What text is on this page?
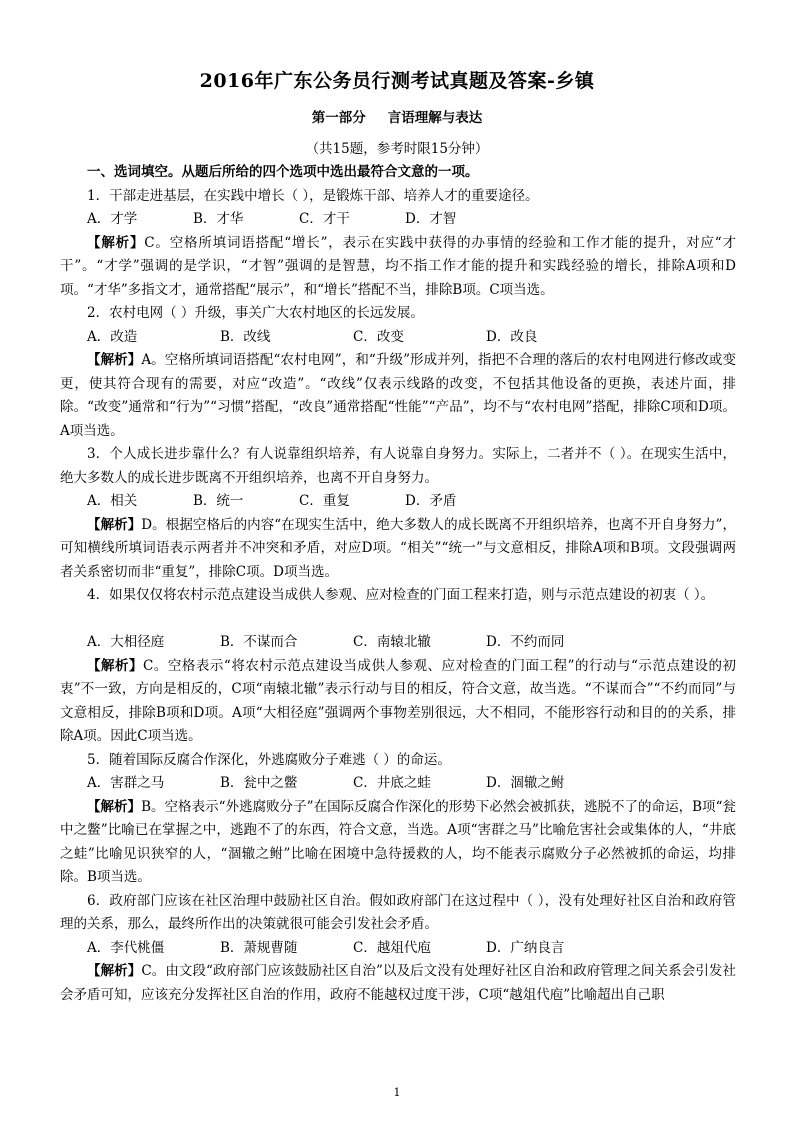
2016年广东公务员行测考试真题及答案-乡镇
第一部分 言语理解与表达
（共15题，参考时限15分钟）

一、选词填空。从题后所给的四个选项中选出最符合文意的一项。

1．干部走进基层，在实践中增长（ ），是锻炼干部、培养人才的重要途径。

A．才学	B．才华	C．才干	D．才智

【解析】C。空格所填词语搭配“增长”，表示在实践中获得的办事情的经验和工作才能的提升，对应“才干”。“才学”强调的是学识，“才智”强调的是智慧，均不指工作才能的提升和实践经验的增长，排除A项和D项。“才华”多指文才，通常搭配“展示”，和“增长”搭配不当，排除B项。C项当选。

2．农村电网（ ）升级，事关广大农村地区的长远发展。

A．改造	B．改线	C．改变	D．改良

【解析】A。空格所填词语搭配“农村电网”，和“升级”形成并列，指把不合理的落后的农村电网进行修改或变更，使其符合现有的需要，对应“改造”。“改线”仅表示线路的改变，不包括其他设备的更换，表述片面，排除。“改变”通常和“行为”“习惯”搭配，“改良”通常搭配“性能”“产品”，均不与“农村电网”搭配，排除C项和D项。A项当选。

3．个人成长进步靠什么？有人说靠组织培养，有人说靠自身努力。实际上，二者并不（ ）。在现实生活中，绝大多数人的成长进步既离不开组织培养，也离不开自身努力。

A．相关	B．统一	C．重复	D．矛盾

【解析】D。根据空格后的内容“在现实生活中，绝大多数人的成长既离不开组织培养，也离不开自身努力”，可知横线所填词语表示两者并不冲突和矛盾，对应D项。“相关”“统一”与文意相反，排除A项和B项。文段强调两者关系密切而非“重复”，排除C项。D项当选。

4．如果仅仅将农村示范点建设当成供人参观、应对检查的门面工程来打造，则与示范点建设的初衷（ ）。

A．大相径庭	B．不谋而合	C．南辕北辙	D．不约而同

【解析】C。空格表示“将农村示范点建设当成供人参观、应对检查的门面工程”的行动与“示范点建设的初衷”不一致，方向是相反的，C项“南辕北辙”表示行动与目的相反，符合文意，故当选。“不谋而合”“不约而同”与文意相反，排除B项和D项。A项“大相径庭”强调两个事物差别很远，大不相同，不能形容行动和目的的关系，排除A项。因此C项当选。

5．随着国际反腐合作深化，外逃腐败分子难逃（ ）的命运。

A．害群之马	B．瓮中之鳖	C．井底之蛙	D．涸辙之鲋

【解析】B。空格表示“外逃腐败分子”在国际反腐合作深化的形势下必然会被抓获，逃脱不了的命运，B项“瓮中之鳖”比喻已在掌握之中，逃跑不了的东西，符合文意，当选。A项“害群之马”比喻危害社会或集体的人，“井底之蛙”比喻见识狭窄的人，“涸辙之鲋”比喻在困境中急待援救的人，均不能表示腐败分子必然被抓的命运，均排除。B项当选。

6．政府部门应该在社区治理中鼓励社区自治。假如政府部门在这过程中（ ），没有处理好社区自治和政府管理的关系，那么，最终所作出的决策就很可能会引发社会矛盾。

A．李代桃僵	B．萧规曹随	C．越俎代庖	D．广纳良言

【解析】C。由文段“政府部门应该鼓励社区自治”以及后文没有处理好社区自治和政府管理之间关系会引发社会矛盾可知，应该充分发挥社区自治的作用，政府不能越权过度干涉，C项“越俎代庖”比喻超出自己职

1
